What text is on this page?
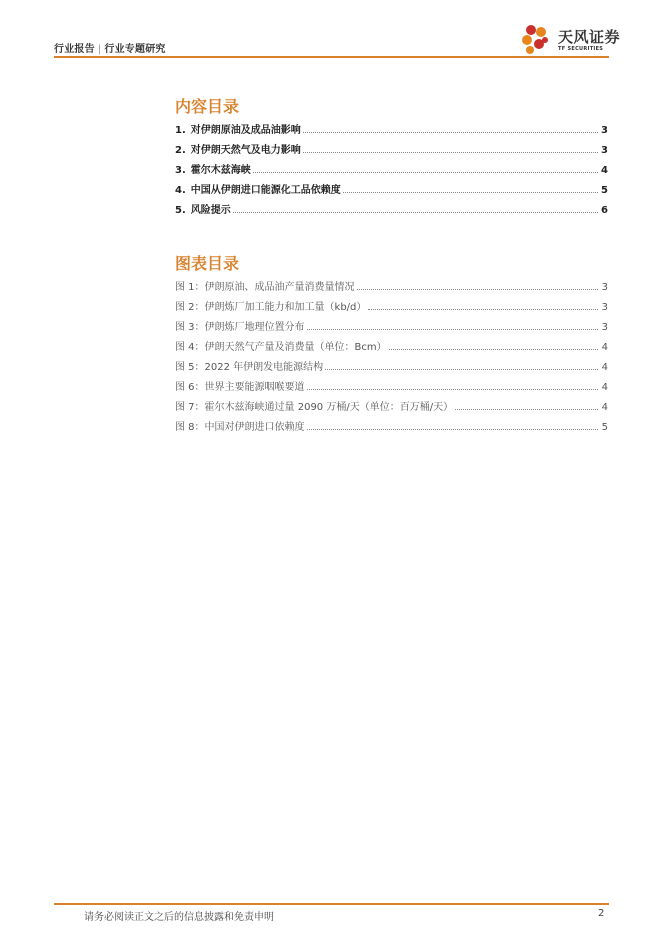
行业报告 | 行业专题研究
天风证券
TF SECURITIES
内容目录
1. 对伊朗原油及成品油影响	3
2. 对伊朗天然气及电力影响	3
3. 霍尔木兹海峡	4
4. 中国从伊朗进口能源化工品依赖度	5
5. 风险提示	6
图表目录
图 1：伊朗原油、成品油产量消费量情况	3
图 2：伊朗炼厂加工能力和加工量（kb/d）	3
图 3：伊朗炼厂地理位置分布	3
图 4：伊朗天然气产量及消费量（单位：Bcm）	4
图 5：2022 年伊朗发电能源结构	4
图 6：世界主要能源咽喉要道	4
图 7：霍尔木兹海峡通过量 2090 万桶/天（单位：百万桶/天）	4
图 8：中国对伊朗进口依赖度	5
请务必阅读正文之后的信息披露和免责申明	2
